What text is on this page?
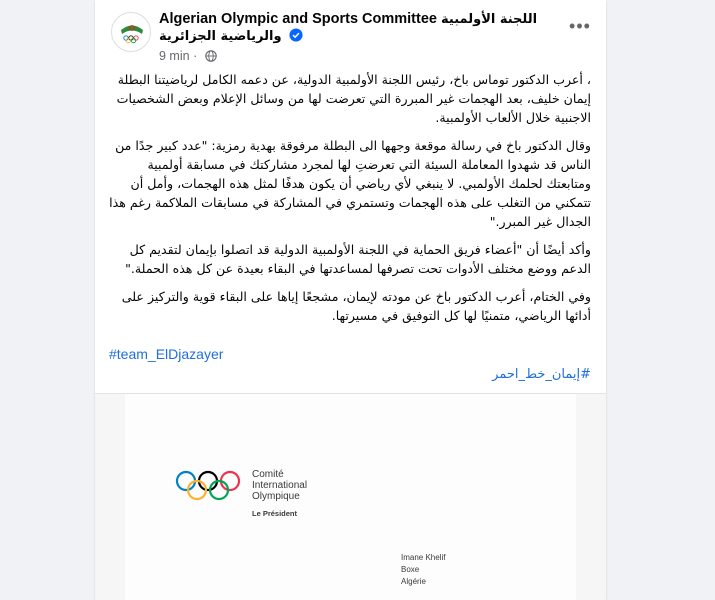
Algerian Olympic and Sports Committee اللجنة الأولمبية
والرياضية الجزائرية
9 min ·
•••

، أعرب الدكتور توماس باخ، رئيس اللجنة الأولمبية الدولية، عن دعمه الكامل لرياضيتنا البطلة إيمان خليف، بعد الهجمات غير المبررة التي تعرضت لها من وسائل الإعلام وبعض الشخصيات الاجنبية خلال الألعاب الأولمبية.

وقال الدكتور باخ في رسالة موقعة وجهها الى البطلة مرفوقة بهدية رمزية: "عدد كبير جدًا من الناس قد شهدوا المعاملة السيئة التي تعرضتِ لها لمجرد مشاركتك في مسابقة أولمبية ومتابعتك لحلمك الأولمبي. لا ينبغي لأي رياضي أن يكون هدفًا لمثل هذه الهجمات، وأمل أن تتمكني من التغلب على هذه الهجمات وتستمري في المشاركة في مسابقات الملاكمة رغم هذا الجدال غير المبرر."

وأكد أيضًا أن "أعضاء فريق الحماية في اللجنة الأولمبية الدولية قد اتصلوا بإيمان لتقديم كل الدعم ووضع مختلف الأدوات تحت تصرفها لمساعدتها في البقاء بعيدة عن كل هذه الحملة."

وفي الختام، أعرب الدكتور باخ عن مودته لإيمان، مشجعًا إياها على البقاء قوية والتركيز على أدائها الرياضي، متمنيًا لها كل التوفيق في مسيرتها.

#team_ElDjazayer
#إيمان_خط_احمر
Comité
International
Olympique
Le Président
Imane Khelif
Boxe
Algérie
